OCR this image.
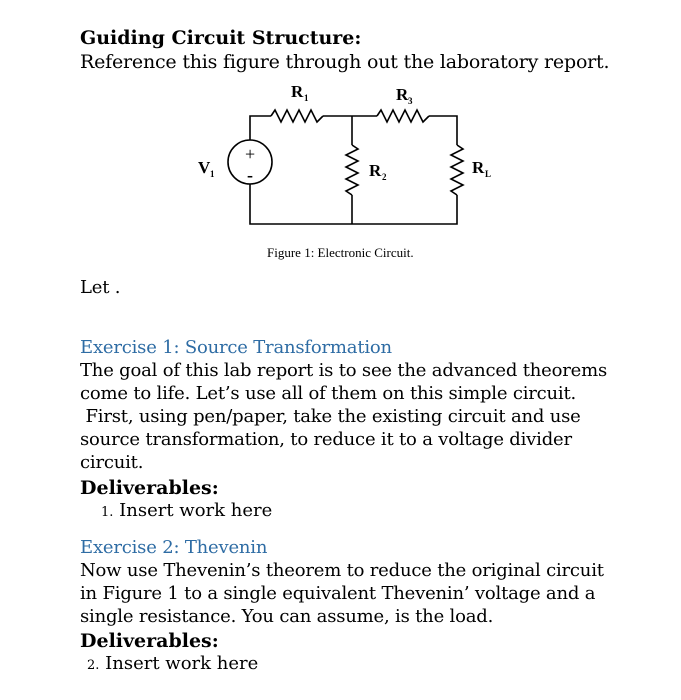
Guiding Circuit Structure:
Reference this figure through out the laboratory report.
+
-
R 1	R 3
R 2	R L
V 1
Figure 1: Electronic Circuit.
Let .
Exercise 1: Source Transformation
The goal of this lab report is to see the advanced theorems
come to life. Let’s use all of them on this simple circuit.
First, using pen/paper, take the existing circuit and use
source transformation, to reduce it to a voltage divider
circuit.
Deliverables:
1. Insert work here
Exercise 2: Thevenin
Now use Thevenin’s theorem to reduce the original circuit
in Figure 1 to a single equivalent Thevenin’ voltage and a
single resistance. You can assume, is the load.
Deliverables:
2. Insert work here
